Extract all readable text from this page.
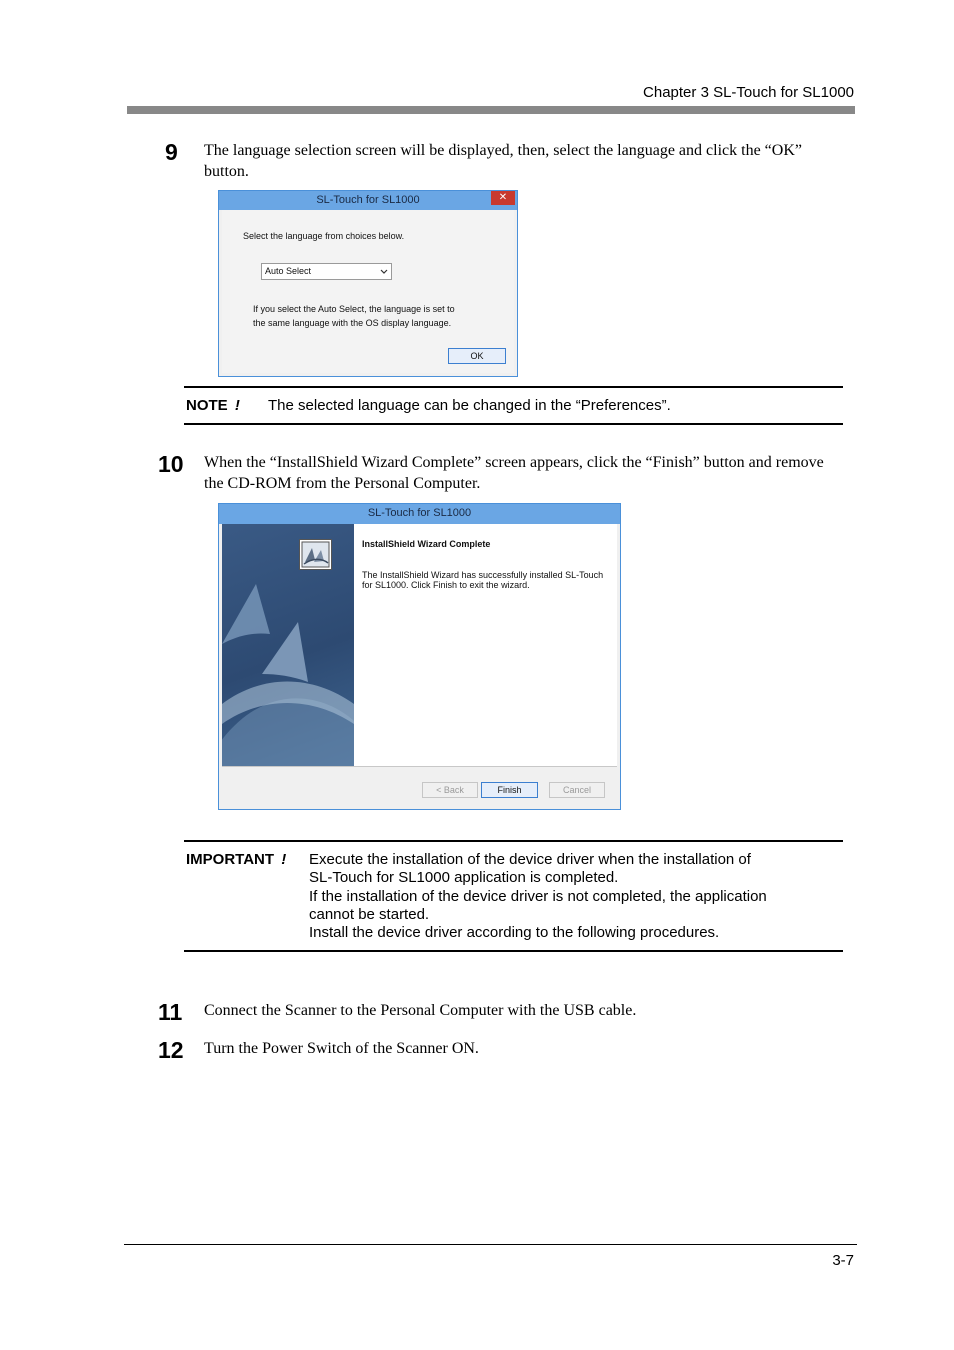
Chapter 3 SL-Touch for SL1000
9 The language selection screen will be displayed, then, select the language and click the “OK” button.
SL-Touch for SL1000	✕
Select the language from choices below.
Auto Select
If you select the Auto Select, the language is set to
the same language with the OS display language.
OK
NOTE ! The selected language can be changed in the “Preferences”.
10 When the “InstallShield Wizard Complete” screen appears, click the “Finish” button and remove the CD-ROM from the Personal Computer.
SL-Touch for SL1000
InstallShield Wizard Complete
The InstallShield Wizard has successfully installed SL-Touch
for SL1000. Click Finish to exit the wizard.
< Back	Finish	Cancel
IMPORTANT ! Execute the installation of the device driver when the installation of
SL-Touch for SL1000 application is completed.
If the installation of the device driver is not completed, the application
cannot be started.
Install the device driver according to the following procedures.
11 Connect the Scanner to the Personal Computer with the USB cable.
12 Turn the Power Switch of the Scanner ON.
3-7
